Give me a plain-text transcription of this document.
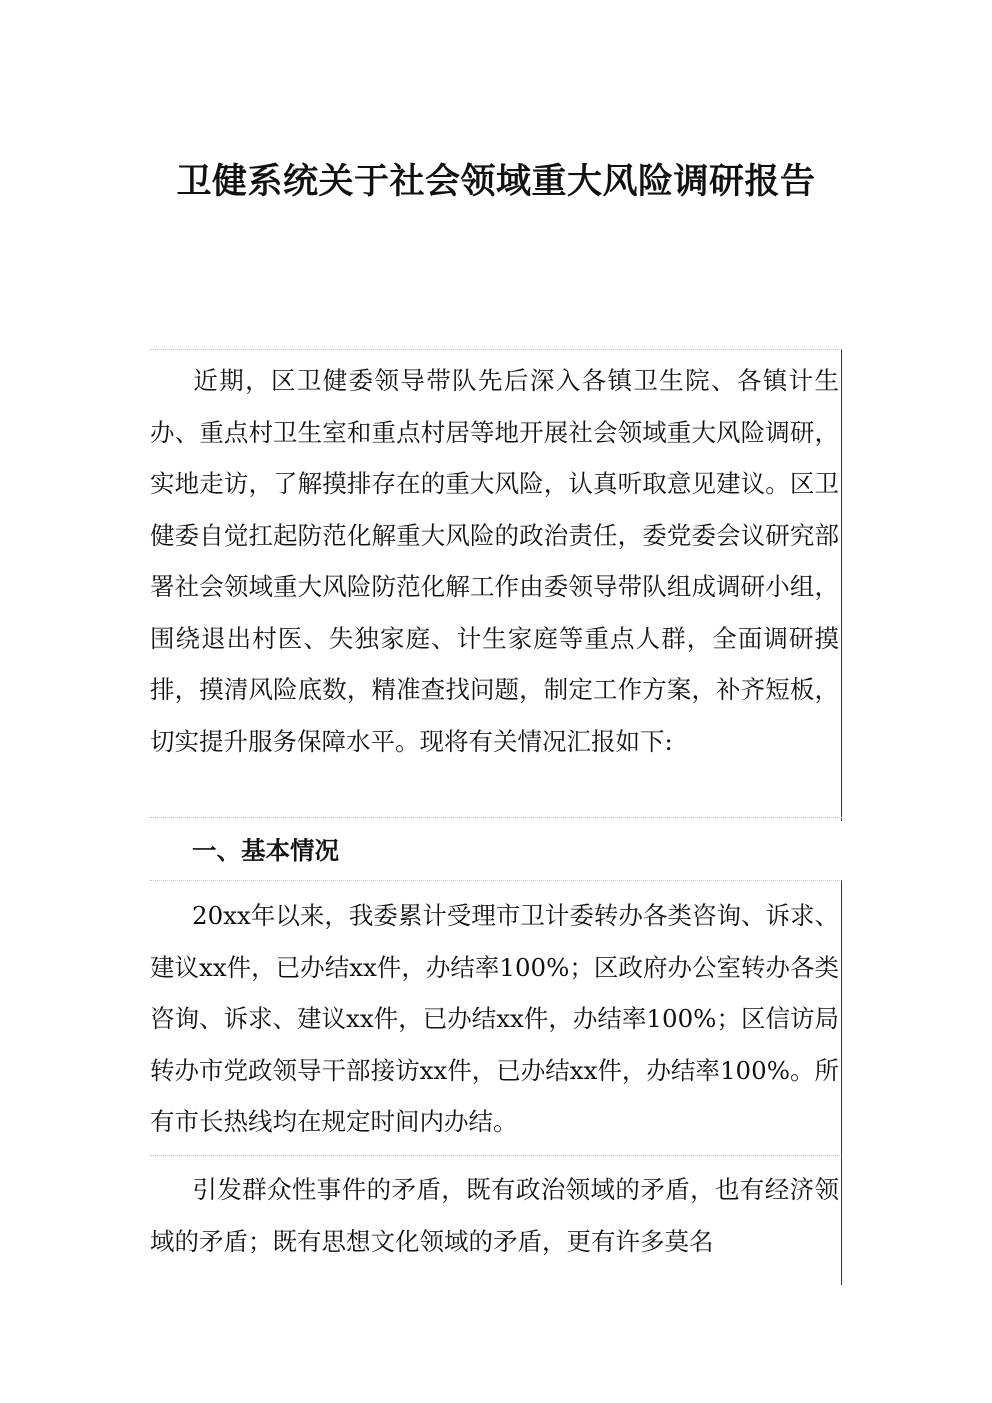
卫健系统关于社会领域重大风险调研报告
近期，区卫健委领导带队先后深入各镇卫生院、各镇计生办、重点村卫生室和重点村居等地开展社会领域重大风险调研，实地走访，了解摸排存在的重大风险，认真听取意见建议。区卫健委自觉扛起防范化解重大风险的政治责任，委党委会议研究部署社会领域重大风险防范化解工作由委领导带队组成调研小组，围绕退出村医、失独家庭、计生家庭等重点人群，全面调研摸排，摸清风险底数，精准查找问题，制定工作方案，补齐短板，切实提升服务保障水平。现将有关情况汇报如下:
一、基本情况
20xx年以来，我委累计受理市卫计委转办各类咨询、诉求、建议xx件，已办结xx件，办结率100%；区政府办公室转办各类咨询、诉求、建议xx件，已办结xx件，办结率100%；区信访局转办市党政领导干部接访xx件，已办结xx件，办结率100%。所有市长热线均在规定时间内办结。
引发群众性事件的矛盾，既有政治领域的矛盾，也有经济领域的矛盾；既有思想文化领域的矛盾，更有许多莫名
